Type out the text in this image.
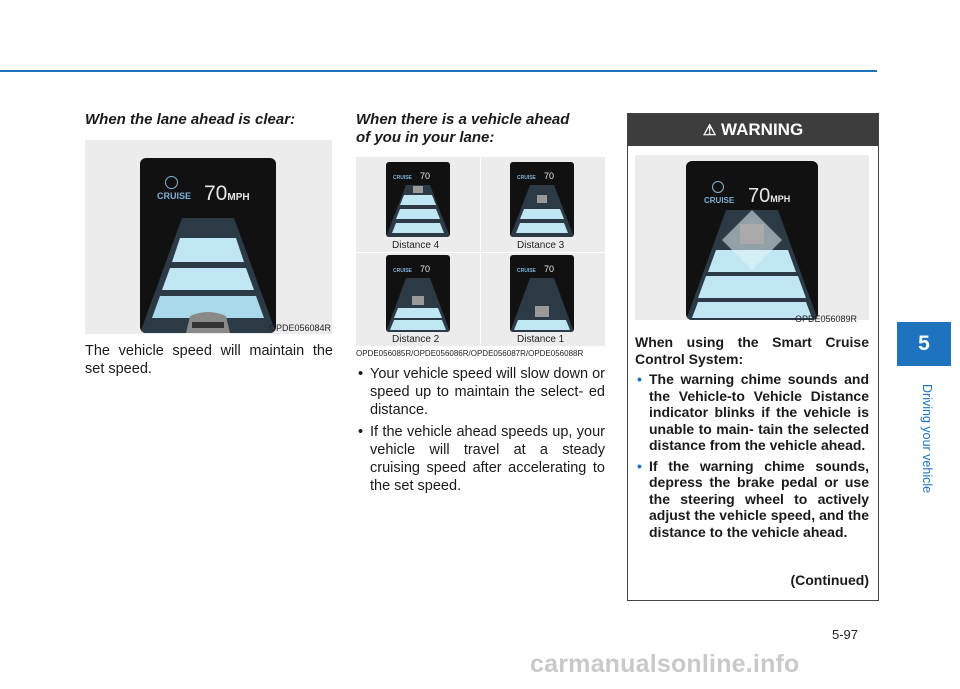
When the lane ahead is clear:
CRUISE 70MPH
OPDE056084R
The vehicle speed will maintain the set speed.
When there is a vehicle ahead
of you in your lane:
CRUISE 70
Distance 4
CRUISE 70
Distance 3
CRUISE 70
Distance 2
CRUISE 70
Distance 1
OPDE056085R/OPDE056086R/OPDE056087R/OPDE056088R
• Your vehicle speed will slow down or speed up to maintain the select- ed distance.
• If the vehicle ahead speeds up, your vehicle will travel at a steady cruising speed after accelerating to the set speed.
⚠ WARNING
CRUISE 70MPH
OPDE056089R
When using the Smart Cruise Control System:
• The warning chime sounds and the Vehicle-to Vehicle Distance indicator blinks if the vehicle is unable to main- tain the selected distance from the vehicle ahead.
• If the warning chime sounds, depress the brake pedal or use the steering wheel to actively adjust the vehicle speed, and the distance to the vehicle ahead.
(Continued)
5
Driving your vehicle
5-97
carmanualsonline.info
